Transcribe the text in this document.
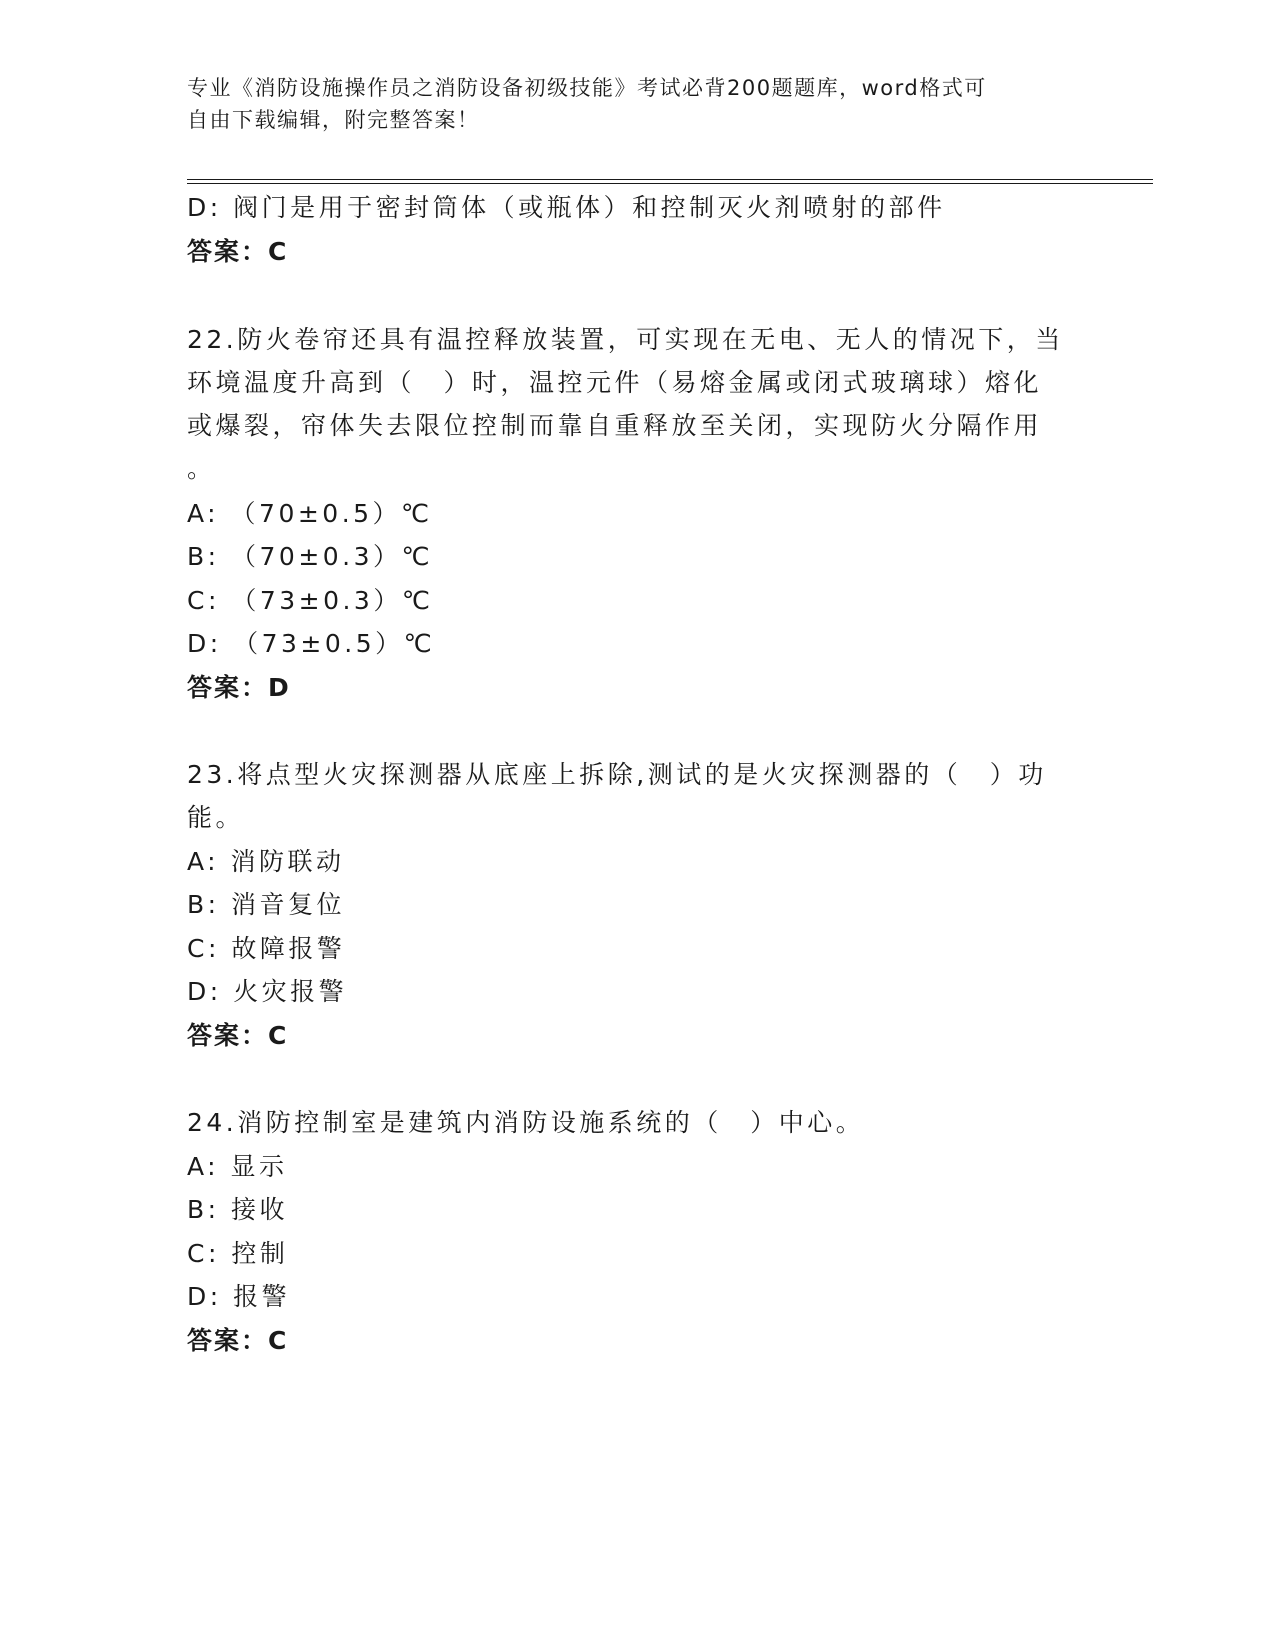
专业《消防设施操作员之消防设备初级技能》考试必背200题题库，word格式可
自由下载编辑，附完整答案！
D: 阀门是用于密封筒体（或瓶体）和控制灭火剂喷射的部件
答案：C
22.防火卷帘还具有温控释放装置，可实现在无电、无人的情况下，当
环境温度升高到（　）时，温控元件（易熔金属或闭式玻璃球）熔化
或爆裂，帘体失去限位控制而靠自重释放至关闭，实现防火分隔作用
。
A: （70±0.5）℃
B: （70±0.3）℃
C: （73±0.3）℃
D: （73±0.5）℃
答案：D
23.将点型火灾探测器从底座上拆除,测试的是火灾探测器的（　）功
能。
A: 消防联动
B: 消音复位
C: 故障报警
D: 火灾报警
答案：C
24.消防控制室是建筑内消防设施系统的（　）中心。
A: 显示
B: 接收
C: 控制
D: 报警
答案：C
